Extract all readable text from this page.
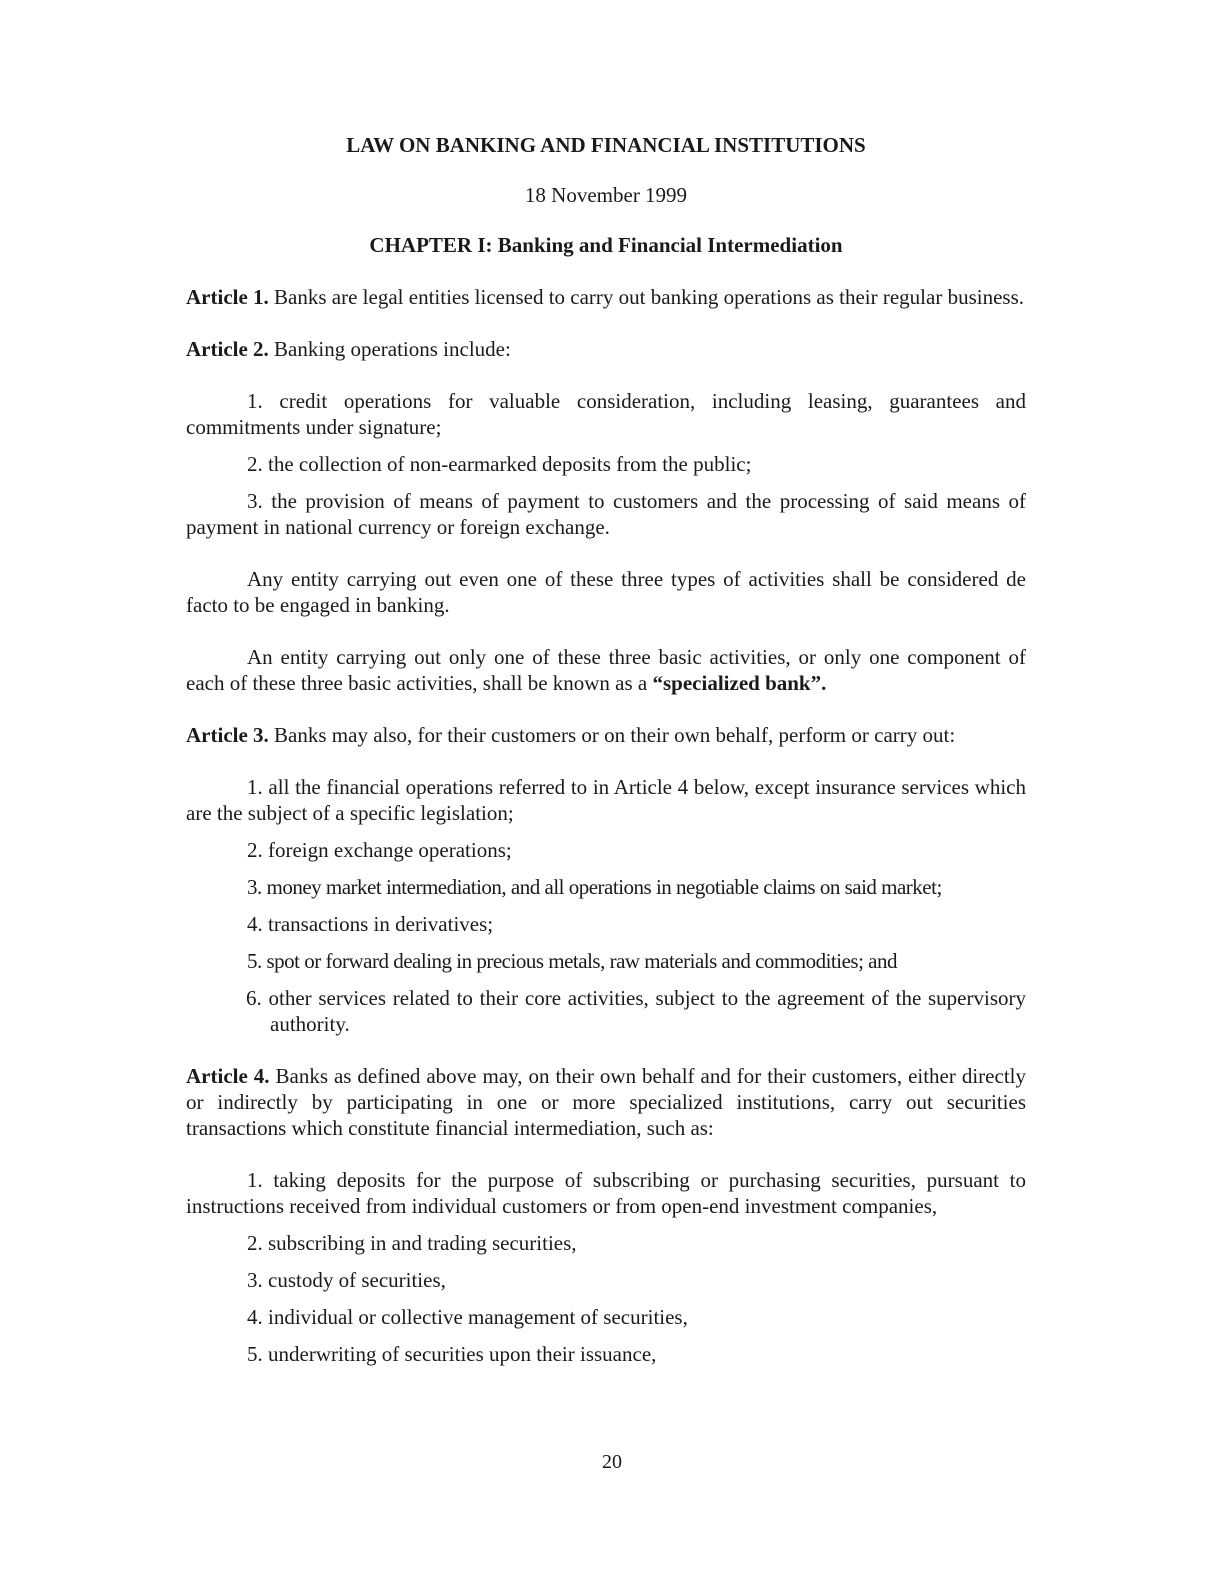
LAW ON BANKING AND FINANCIAL INSTITUTIONS

18 November 1999

CHAPTER I: Banking and Financial Intermediation

Article 1. Banks are legal entities licensed to carry out banking operations as their regular business.

Article 2. Banking operations include:

1. credit operations for valuable consideration, including leasing, guarantees and commitments under signature;

2. the collection of non-earmarked deposits from the public;

3. the provision of means of payment to customers and the processing of said means of payment in national currency or foreign exchange.

Any entity carrying out even one of these three types of activities shall be considered de facto to be engaged in banking.

An entity carrying out only one of these three basic activities, or only one component of each of these three basic activities, shall be known as a “specialized bank”.

Article 3. Banks may also, for their customers or on their own behalf, perform or carry out:

1. all the financial operations referred to in Article 4 below, except insurance services which are the subject of a specific legislation;

2. foreign exchange operations;

3. money market intermediation, and all operations in negotiable claims on said market;

4. transactions in derivatives;

5. spot or forward dealing in precious metals, raw materials and commodities; and

6. other services related to their core activities, subject to the agreement of the supervisory authority.

Article 4. Banks as defined above may, on their own behalf and for their customers, either directly or indirectly by participating in one or more specialized institutions, carry out securities transactions which constitute financial intermediation, such as:

1. taking deposits for the purpose of subscribing or purchasing securities, pursuant to instructions received from individual customers or from open-end investment companies,

2. subscribing in and trading securities,

3. custody of securities,

4. individual or collective management of securities,

5. underwriting of securities upon their issuance,

20
